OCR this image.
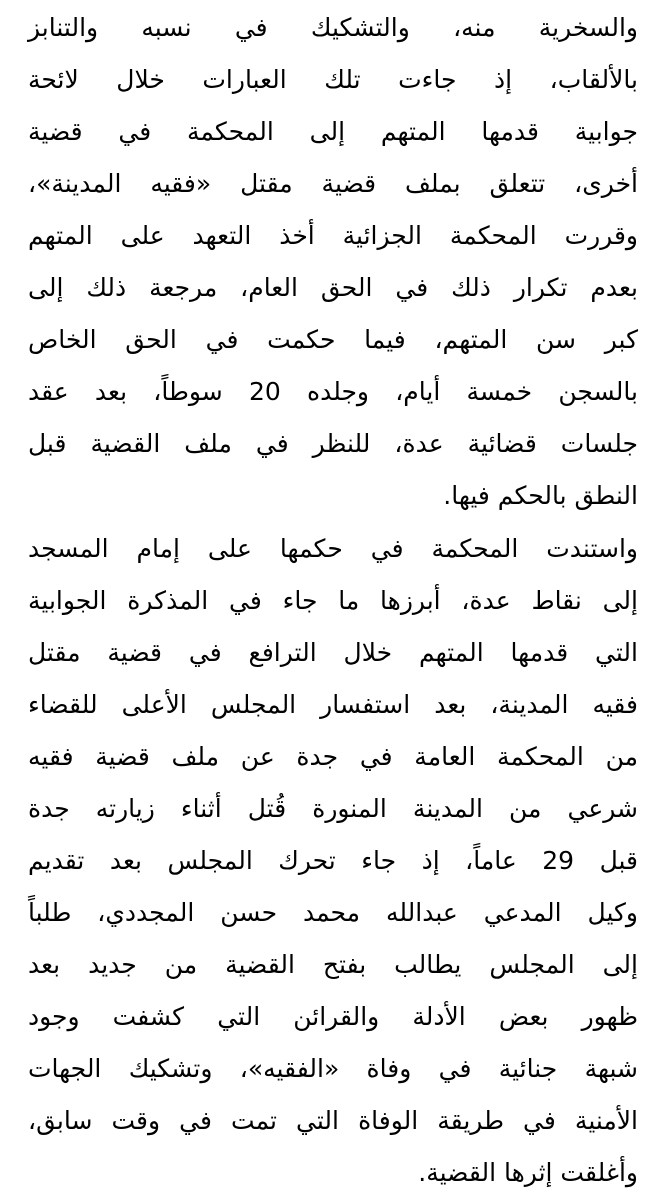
والسخرية منه، والتشكيك في نسبه والتنابز
بالألقاب، إذ جاءت تلك العبارات خلال لائحة
جوابية قدمها المتهم إلى المحكمة في قضية
أخرى، تتعلق بملف قضية مقتل «فقيه المدينة»،
وقررت المحكمة الجزائية أخذ التعهد على المتهم
بعدم تكرار ذلك في الحق العام، مرجعة ذلك إلى
كبر سن المتهم، فيما حكمت في الحق الخاص
بالسجن خمسة أيام، وجلده 20 سوطاً، بعد عقد
جلسات قضائية عدة، للنظر في ملف القضية قبل
النطق بالحكم فيها.
واستندت المحكمة في حكمها على إمام المسجد
إلى نقاط عدة، أبرزها ما جاء في المذكرة الجوابية
التي قدمها المتهم خلال الترافع في قضية مقتل
فقيه المدينة، بعد استفسار المجلس الأعلى للقضاء
من المحكمة العامة في جدة عن ملف قضية فقيه
شرعي من المدينة المنورة قُتل أثناء زيارته جدة
قبل 29 عاماً، إذ جاء تحرك المجلس بعد تقديم
وكيل المدعي عبدالله محمد حسن المجددي، طلباً
إلى المجلس يطالب بفتح القضية من جديد بعد
ظهور بعض الأدلة والقرائن التي كشفت وجود
شبهة جنائية في وفاة «الفقيه»، وتشكيك الجهات
الأمنية في طريقة الوفاة التي تمت في وقت سابق،
وأغلقت إثرها القضية.
